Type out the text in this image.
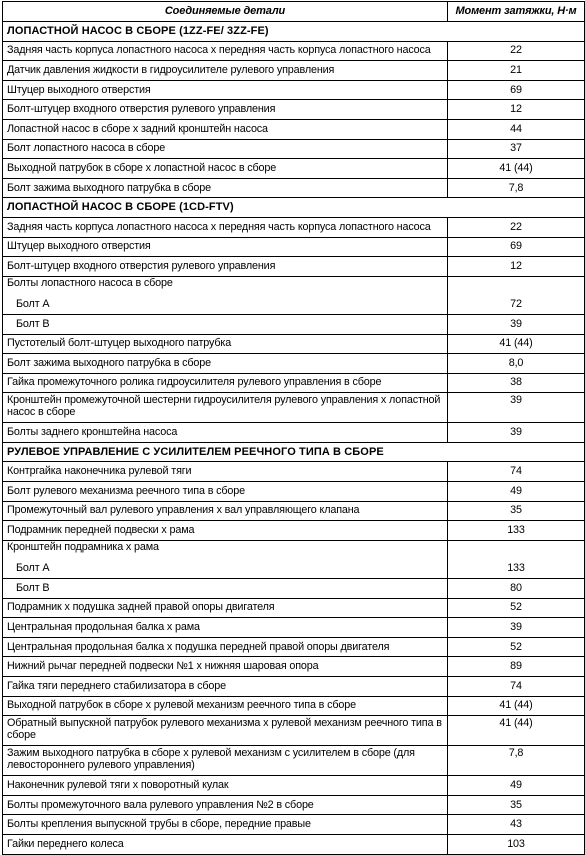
Соединяемые детали	Момент затяжки, Н·м
ЛОПАСТНОЙ НАСОС В СБОРЕ (1ZZ-FE/ 3ZZ-FE)	
Задняя часть корпуса лопастного насоса х передняя часть корпуса лопастного насоса	22
Датчик давления жидкости в гидроусилителе рулевого управления	21
Штуцер выходного отверстия	69
Болт-штуцер входного отверстия рулевого управления	12
Лопастной насос в сборе х задний кронштейн насоса	44
Болт лопастного насоса в сборе	37
Выходной патрубок в сборе х лопастной насос в сборе	41 (44)
Болт зажима выходного патрубка в сборе	7,8
ЛОПАСТНОЙ НАСОС В СБОРЕ (1CD-FTV)	
Задняя часть корпуса лопастного насоса х передняя часть корпуса лопастного насоса	22
Штуцер выходного отверстия	69
Болт-штуцер входного отверстия рулевого управления	12
Болты лопастного насоса в сборе	
Болт А	72
Болт В	39
Пустотелый болт-штуцер выходного патрубка	41 (44)
Болт зажима выходного патрубка в сборе	8,0
Гайка промежуточного ролика гидроусилителя рулевого управления в сборе	38
Кронштейн промежуточной шестерни гидроусилителя рулевого управления х лопастной насос в сборе	39
Болты заднего кронштейна насоса	39
РУЛЕВОЕ УПРАВЛЕНИЕ С УСИЛИТЕЛЕМ РЕЕЧНОГО ТИПА В СБОРЕ	
Контргайка наконечника рулевой тяги	74
Болт рулевого механизма реечного типа в сборе	49
Промежуточный вал рулевого управления х вал управляющего клапана	35
Подрамник передней подвески х рама	133
Кронштейн подрамника х рама	
Болт А	133
Болт В	80
Подрамник х подушка задней правой опоры двигателя	52
Центральная продольная балка х рама	39
Центральная продольная балка х подушка передней правой опоры двигателя	52
Нижний рычаг передней подвески №1 х нижняя шаровая опора	89
Гайка тяги переднего стабилизатора в сборе	74
Выходной патрубок в сборе х рулевой механизм реечного типа в сборе	41 (44)
Обратный выпускной патрубок рулевого механизма х рулевой механизм реечного типа в сборе	41 (44)
Зажим выходного патрубка в сборе х рулевой механизм с усилителем в сборе (для левостороннего рулевого управления)	7,8
Наконечник рулевой тяги х поворотный кулак	49
Болты промежуточного вала рулевого управления №2 в сборе	35
Болты крепления выпускной трубы в сборе, передние правые	43
Гайки переднего колеса	103
